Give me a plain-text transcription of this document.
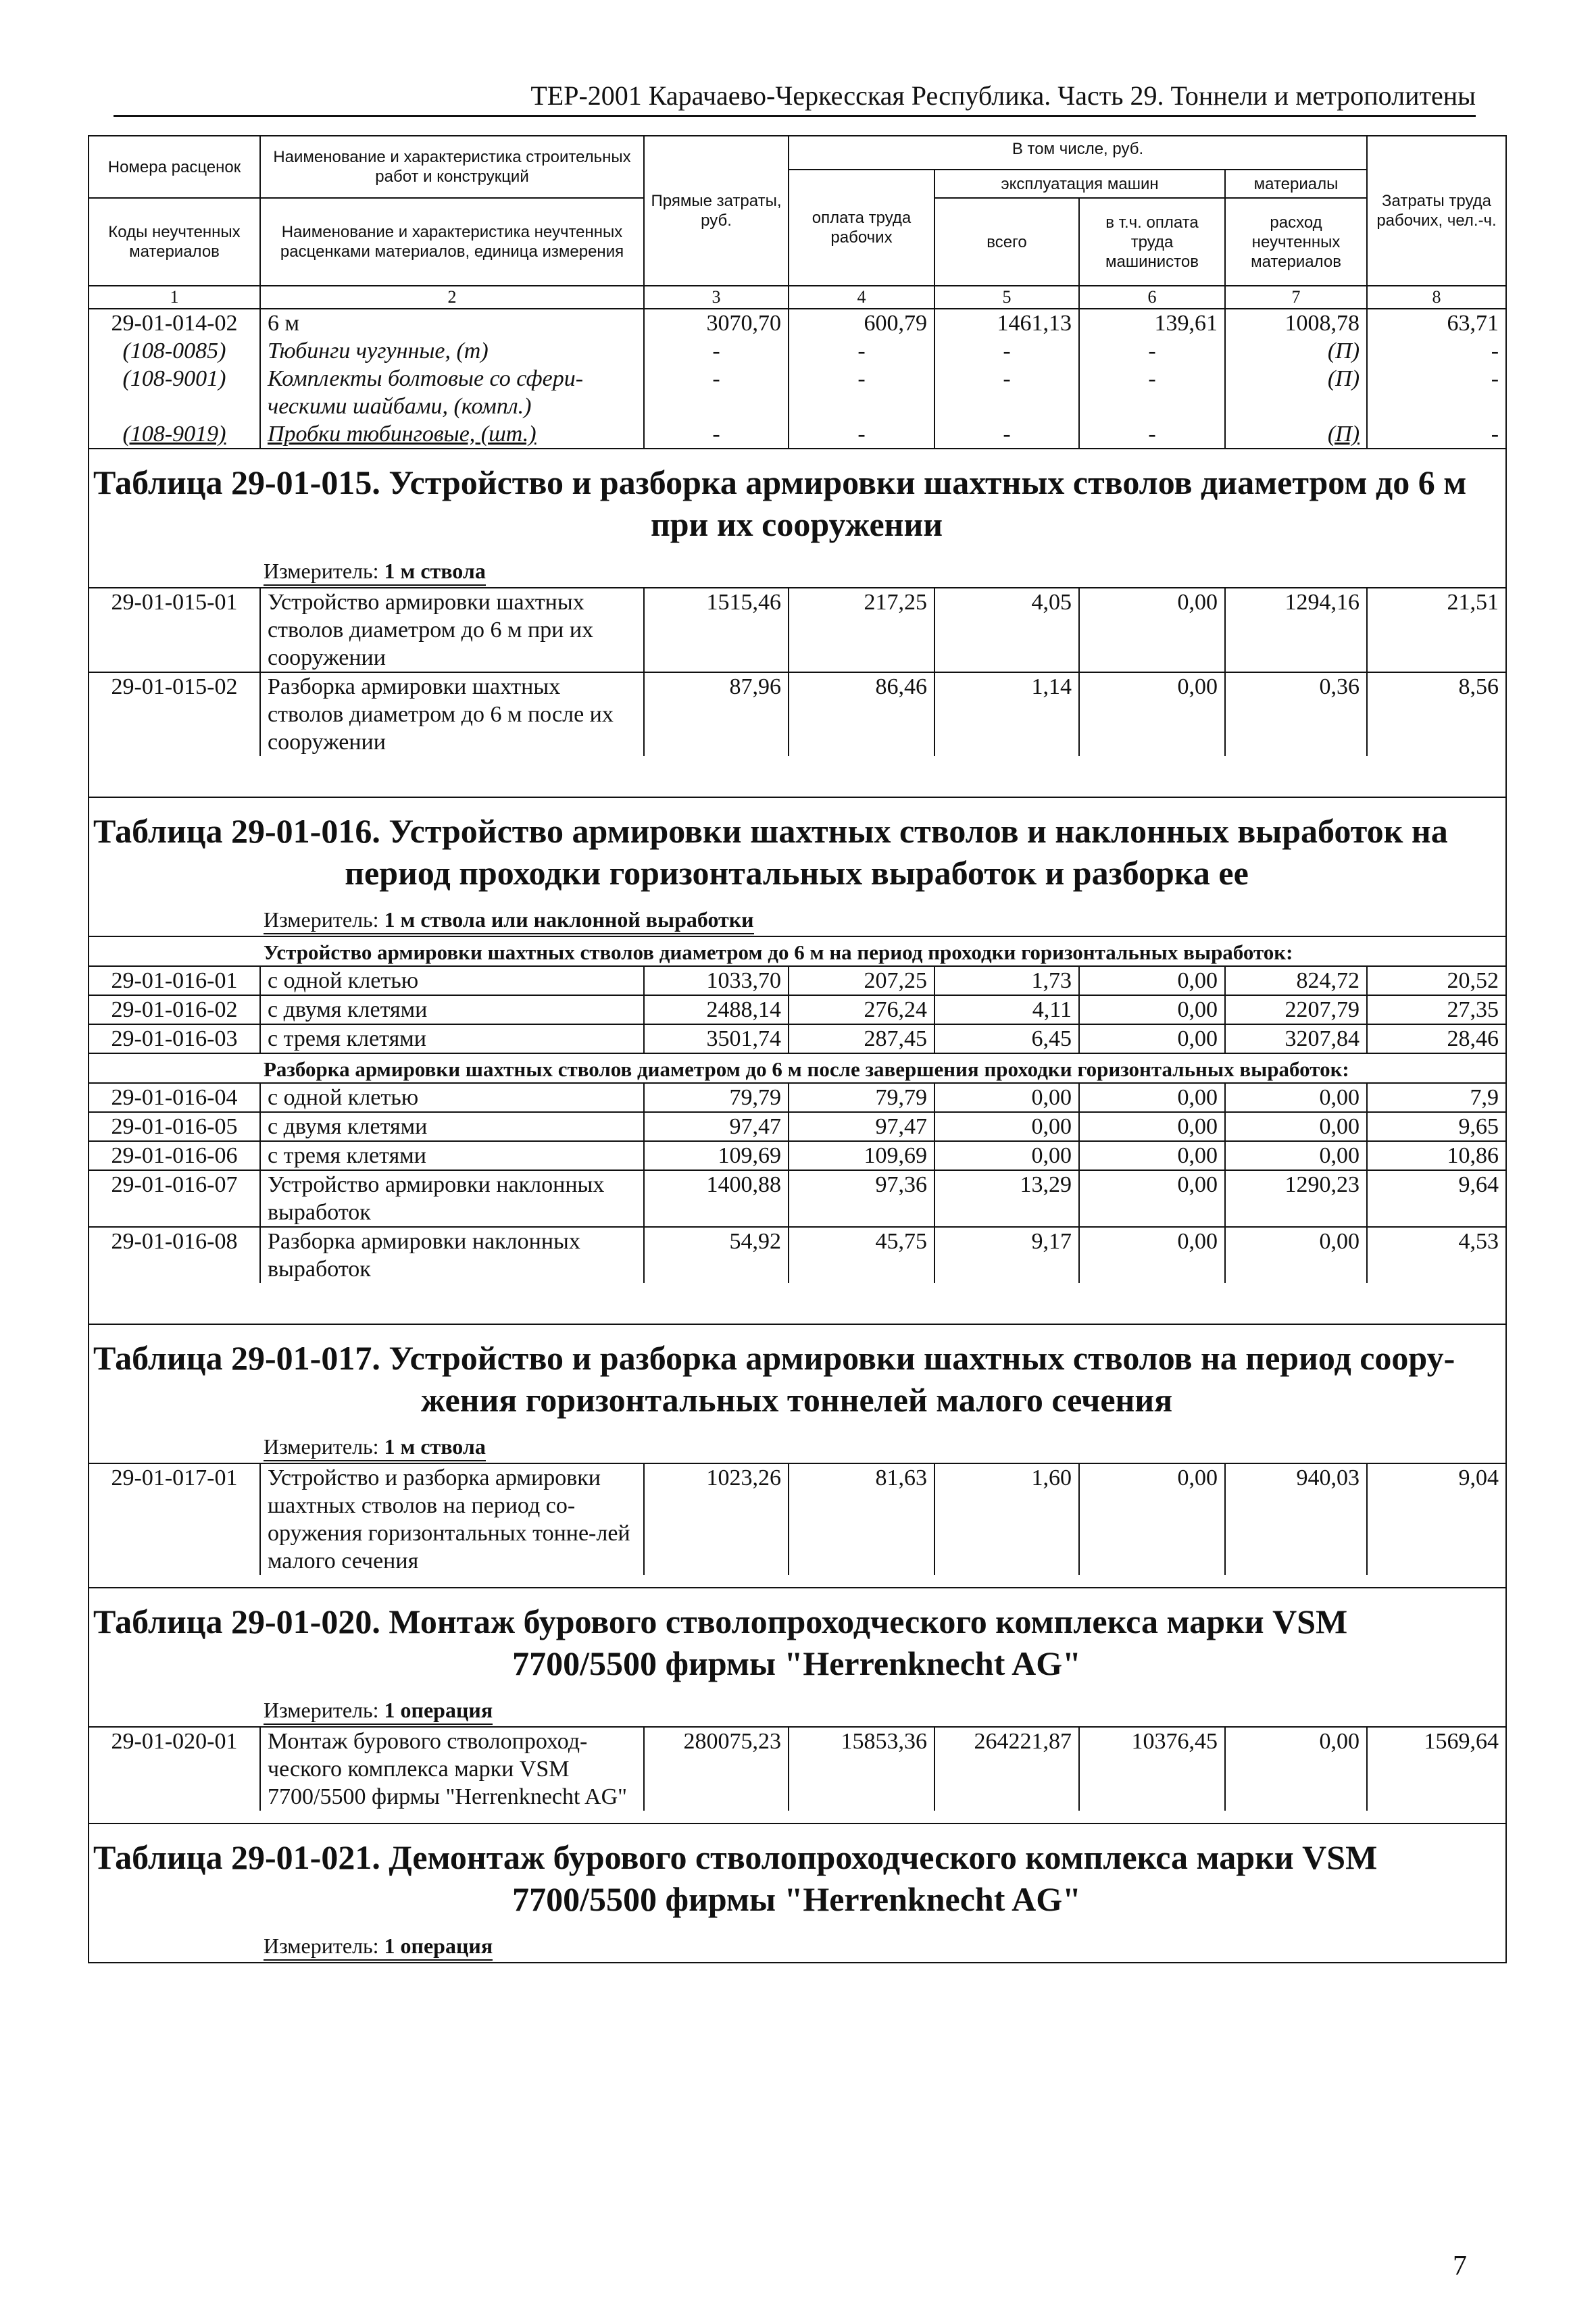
ТЕР-2001 Карачаево-Черкесская Республика. Часть 29. Тоннели и метрополитены
Номера расценок	Наименование и характеристика строительных работ и конструкций	Прямые затраты, руб.	В том числе, руб.				Затраты труда рабочих, чел.-ч.
			оплата труда рабочих	эксплуатация машин		материалы	
Коды неучтенных материалов	Наименование и характеристика неучтенных расценками материалов, единица измерения			всего	в т.ч. оплата труда машинистов	расход неучтенных материалов	

1	2	3	4	5	6	7	8
29-01-014-02	6 м	3070,70	600,79	1461,13	139,61	1008,78	63,71
(108-0085)	Тюбинги чугунные, (т)	-	-	-	-	(П)	-
(108-9001)	Комплекты болтовые со сфери-ческими шайбами, (компл.)	-	-	-	-	(П)	-
(108-9019)	Пробки тюбинговые, (шт.)	-	-	-	-	(П)	-
Таблица 29-01-015. Устройство и разборка армировки шахтных стволов диаметром до 6 м
при их сооружении							

Измеритель: 1 м ствола							
29-01-015-01	Устройство армировки шахтных стволов диаметром до 6 м при их сооружении	1515,46	217,25	4,05	0,00	1294,16	21,51
29-01-015-02	Разборка армировки шахтных стволов диаметром до 6 м после их сооружении	87,96	86,46	1,14	0,00	0,36	8,56

Таблица 29-01-016. Устройство армировки шахтных стволов и наклонных выработок на
период проходки горизонтальных выработок и разборка ее							

Измеритель: 1 м ствола или наклонной выработки							
Устройство армировки шахтных стволов диаметром до 6 м на период проходки горизонтальных выработок:							
29-01-016-01	с одной клетью	1033,70	207,25	1,73	0,00	824,72	20,52
29-01-016-02	с двумя клетями	2488,14	276,24	4,11	0,00	2207,79	27,35
29-01-016-03	с тремя клетями	3501,74	287,45	6,45	0,00	3207,84	28,46
Разборка армировки шахтных стволов диаметром до 6 м после завершения проходки горизонтальных выработок:							
29-01-016-04	с одной клетью	79,79	79,79	0,00	0,00	0,00	7,9
29-01-016-05	с двумя клетями	97,47	97,47	0,00	0,00	0,00	9,65
29-01-016-06	с тремя клетями	109,69	109,69	0,00	0,00	0,00	10,86
29-01-016-07	Устройство армировки наклонных выработок	1400,88	97,36	13,29	0,00	1290,23	9,64
29-01-016-08	Разборка армировки наклонных выработок	54,92	45,75	9,17	0,00	0,00	4,53

Таблица 29-01-017. Устройство и разборка армировки шахтных стволов на период соору-
жения горизонтальных тоннелей малого сечения							

Измеритель: 1 м ствола							
29-01-017-01	Устройство и разборка армировки шахтных стволов на период со-оружения горизонтальных тонне-лей малого сечения	1023,26	81,63	1,60	0,00	940,03	9,04

Таблица 29-01-020. Монтаж бурового стволопроходческого комплекса марки VSM
7700/5500 фирмы "Herrenknecht AG"							

Измеритель: 1 операция							
29-01-020-01	Монтаж бурового стволопроход-ческого комплекса марки VSM 7700/5500 фирмы "Herrenknecht AG"	280075,23	15853,36	264221,87	10376,45	0,00	1569,64

Таблица 29-01-021. Демонтаж бурового стволопроходческого комплекса марки VSM
7700/5500 фирмы "Herrenknecht AG"							

Измеритель: 1 операция							
7
